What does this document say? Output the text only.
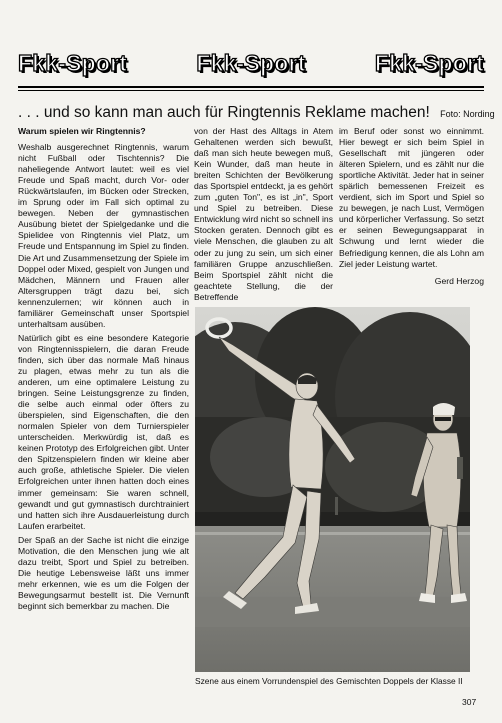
Fkk-Sport	Fkk-Sport	Fkk-Sport
. . . und so kann man auch für Ringtennis Reklame machen! Foto: Nording
Warum spielen wir Ringtennis?

Weshalb ausgerechnet Ringtennis, warum nicht Fußball oder Tischtennis? Die naheliegende Antwort lautet: weil es viel Freude und Spaß macht, durch Vor- oder Rückwärtslaufen, im Bücken oder Strecken, im Sprung oder im Fall sich optimal zu bewegen. Neben der gymnastischen Ausübung bietet der Spielgedanke und die Spielidee von Ringtennis viel Platz, um Freude und Entspannung im Spiel zu finden. Die Art und Zusammensetzung der Spiele im Doppel oder Mixed, gespielt von Jungen und Mädchen, Männern und Frauen aller Altersgruppen trägt dazu bei, sich kennenzulernen; wir können auch in familiärer Gemeinschaft unser Sportspiel unterhaltsam ausüben.

Natürlich gibt es eine besondere Kategorie von Ringtennisspielern, die daran Freude finden, sich über das normale Maß hinaus zu plagen, etwas mehr zu tun als die anderen, um eine optimalere Leistung zu bringen. Seine Leistungsgrenze zu finden, die selbe auch einmal oder öfters zu überspielen, sind Eigenschaften, die den normalen Spieler von dem Turnierspieler unterscheiden. Merkwürdig ist, daß es keinen Prototyp des Erfolgreichen gibt. Unter den Spitzenspielern finden wir kleine aber auch große, athletische Spieler. Die vielen Erfolgreichen unter ihnen hatten doch eines immer gemeinsam: Sie waren schnell, gewandt und gut gymnastisch durchtrainiert und hatten sich ihre Ausdauerleistung durch Laufen erarbeitet.

Der Spaß an der Sache ist nicht die einzige Motivation, die den Menschen jung wie alt dazu treibt, Sport und Spiel zu betreiben. Die heutige Lebensweise läßt uns immer mehr erkennen, wie es um die Folgen der Bewegungsarmut bestellt ist. Die Vernunft beginnt sich bemerkbar zu machen. Die

von der Hast des Alltags in Atem Gehaltenen werden sich bewußt, daß man sich heute bewegen muß, Kein Wunder, daß man heute in breiten Schichten der Bevölkerung das Sportspiel entdeckt, ja es gehört zum „guten Ton", es ist „in", Sport und Spiel zu betreiben. Diese Entwicklung wird nicht so schnell ins Stocken geraten. Dennoch gibt es viele Menschen, die glauben zu alt oder zu jung zu sein, um sich einer familiären Gruppe anzuschließen. Beim Sportspiel zählt nicht die geachtete Stellung, die der Betreffende

im Beruf oder sonst wo einnimmt. Hier bewegt er sich beim Spiel in Gesellschaft mit jüngeren oder älteren Spielern, und es zählt nur die sportliche Aktivität. Jeder hat in seiner spärlich bemessenen Freizeit es verdient, sich im Sport und Spiel so zu bewegen, je nach Lust, Vermögen und körperlicher Verfassung. So setzt er seinen Bewegungsapparat in Schwung und lernt wieder die Befriedigung kennen, die als Lohn am Ziel jeder Leistung wartet.

Gerd Herzog
Szene aus einem Vorrundenspiel des Gemischten Doppels der Klasse II
307
